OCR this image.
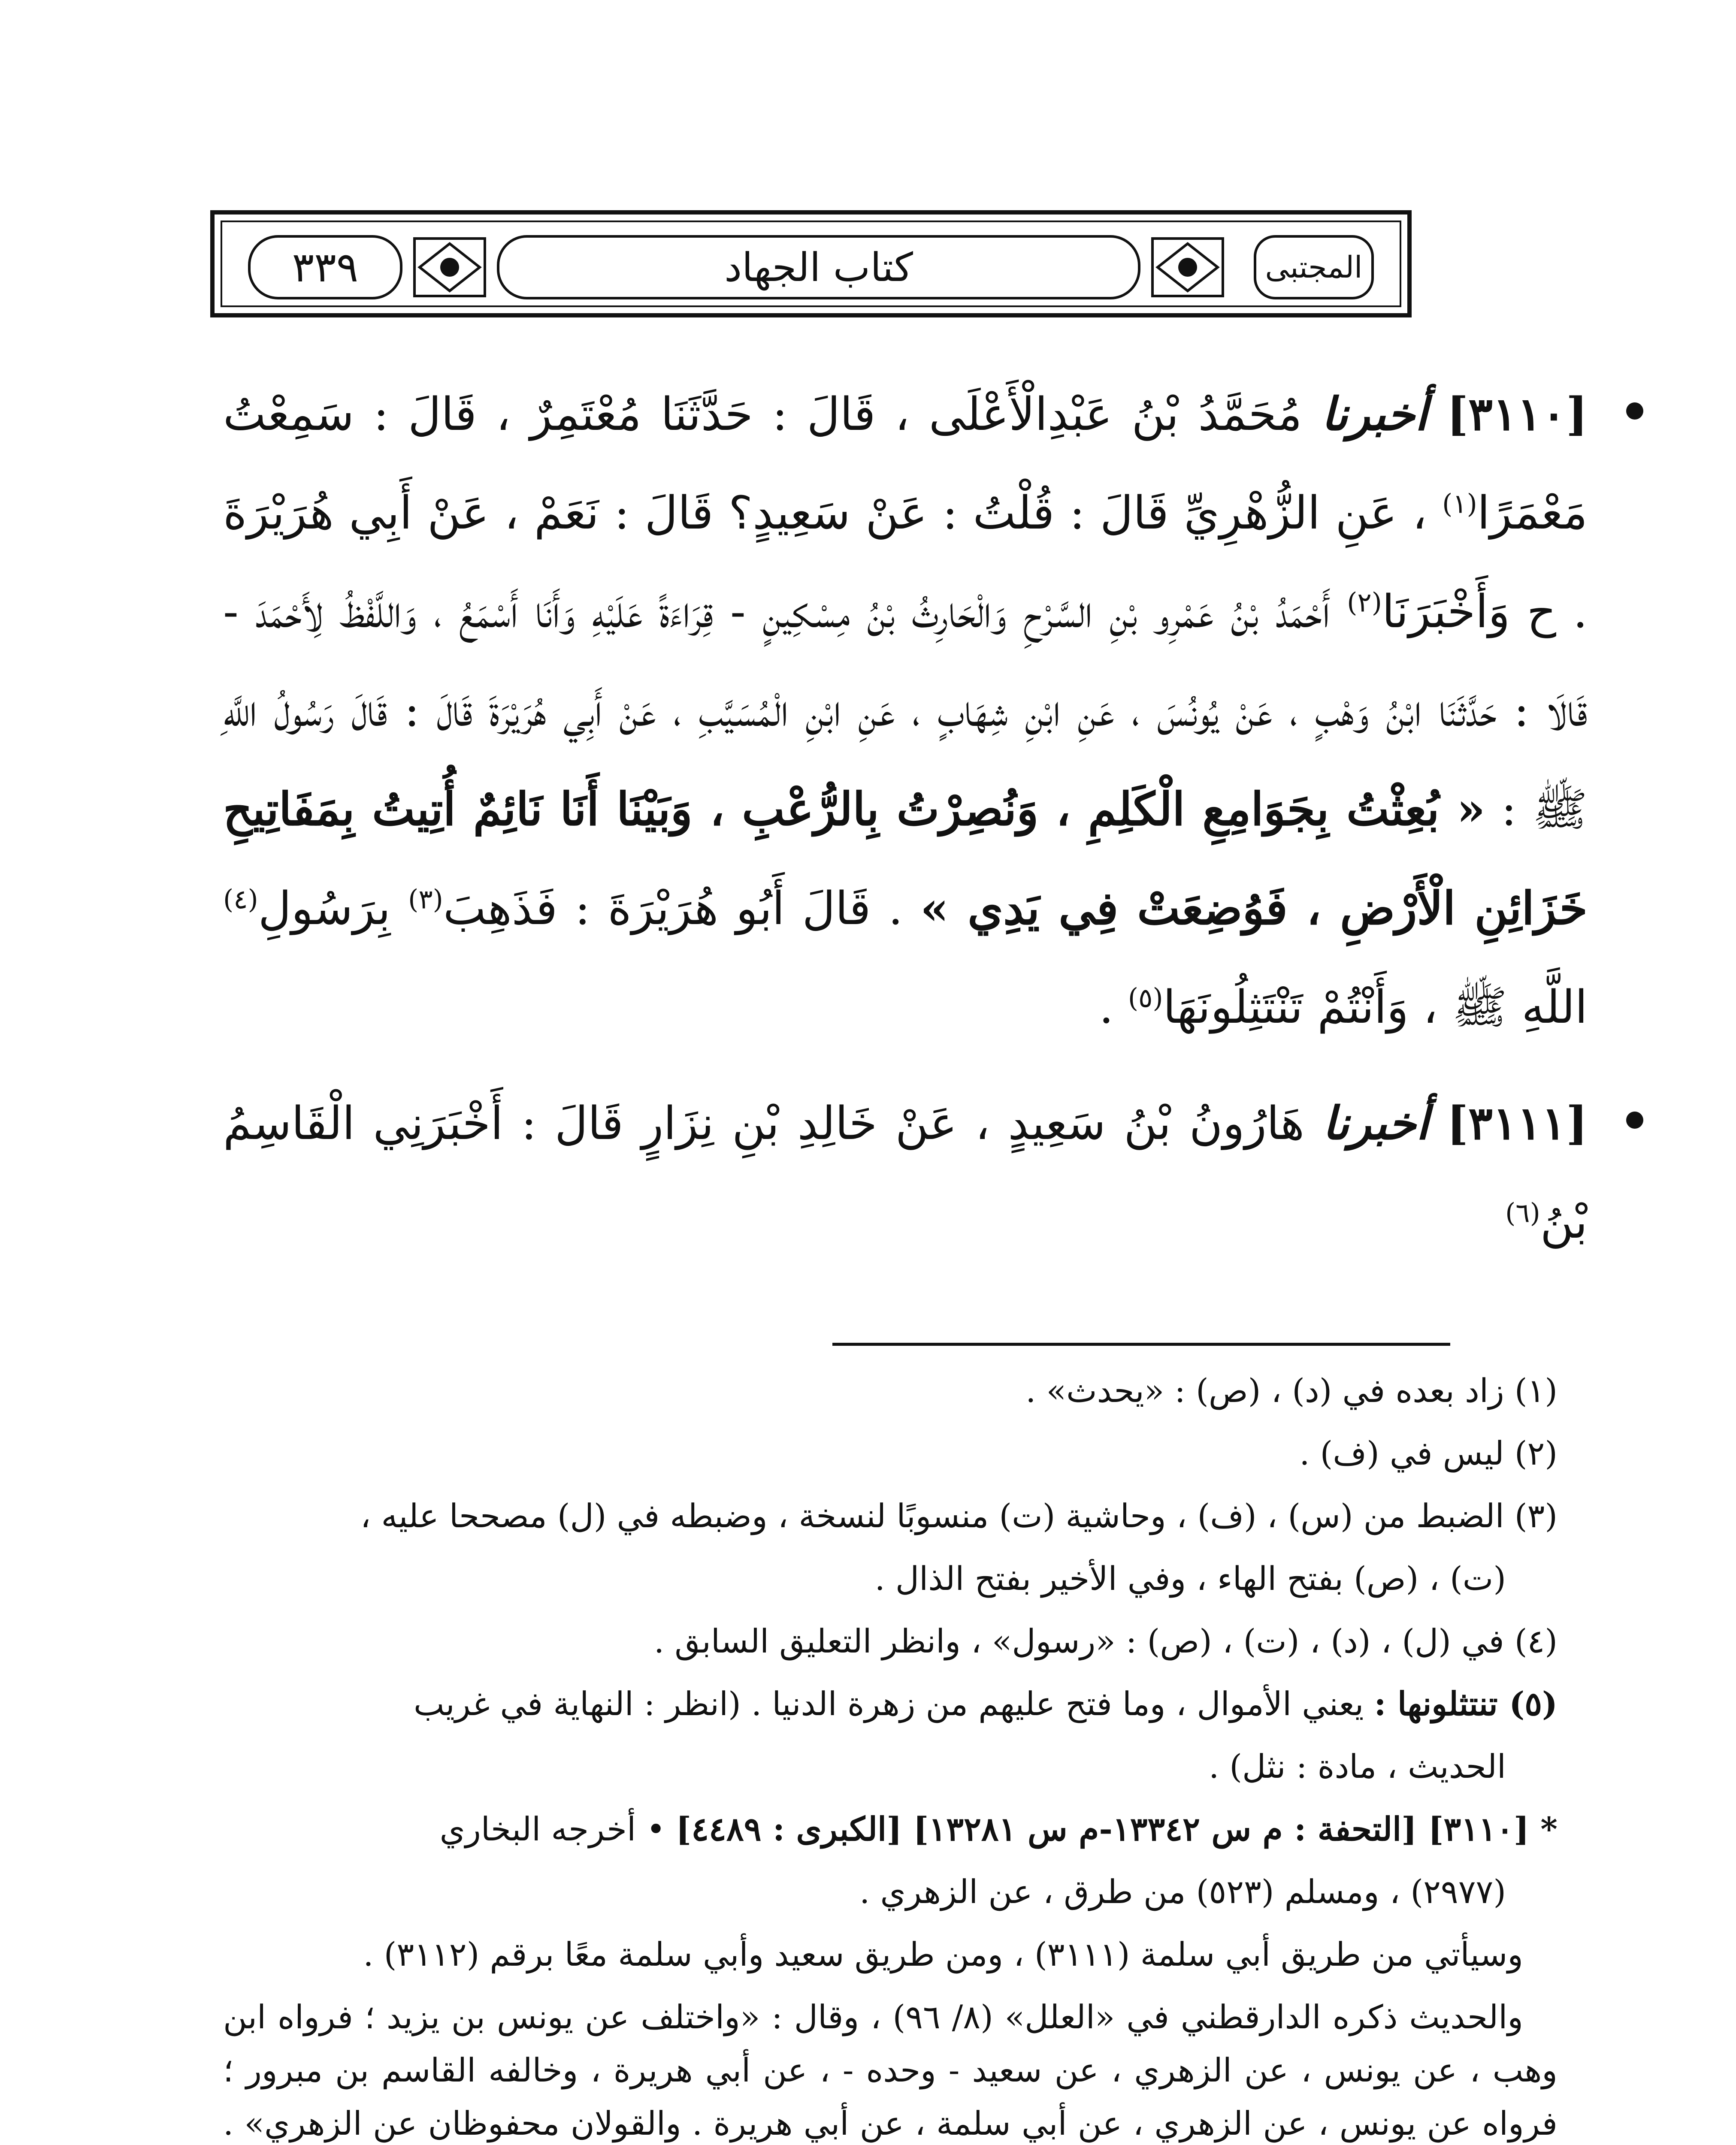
٣٣٩	كتاب الجهاد	المجتبى

[٣١١٠] أخبرنا مُحَمَّدُ بْنُ عَبْدِالْأَعْلَى ، قَالَ : حَدَّثَنَا مُعْتَمِرٌ ، قَالَ : سَمِعْتُ مَعْمَرًا$^{(١)}$ ، عَنِ الزُّهْرِيِّ قَالَ : قُلْتُ : عَنْ سَعِيدٍ؟ قَالَ : نَعَمْ ، عَنْ أَبِي هُرَيْرَةَ . ح وَأَخْبَرَنَا$^{(٢)}$ أَحْمَدُ بْنُ عَمْرِو بْنِ السَّرْحِ وَالْحَارِثُ بْنُ مِسْكِينٍ - قِرَاءَةً عَلَيْهِ وَأَنَا أَسْمَعُ ، وَاللَّفْظُ لِأَحْمَدَ - قَالَا : حَدَّثَنَا ابْنُ وَهْبٍ ، عَنْ يُونُسَ ، عَنِ ابْنِ شِهَابٍ ، عَنِ ابْنِ الْمُسَيَّبِ ، عَنْ أَبِي هُرَيْرَةَ قَالَ : قَالَ رَسُولُ اللَّهِ ﷺ : « بُعِثْتُ بِجَوَامِعِ الْكَلِمِ ، وَنُصِرْتُ بِالرُّعْبِ ، وَبَيْنَا أَنَا نَائِمٌ أُتِيتُ بِمَفَاتِيحِ خَزَائِنِ الْأَرْضِ ، فَوُضِعَتْ فِي يَدِي » . قَالَ أَبُو هُرَيْرَةَ : فَذَهِبَ$^{(٣)}$ بِرَسُولِ$^{(٤)}$ اللَّهِ ﷺ ، وَأَنْتُمْ تَنْتَثِلُونَهَا$^{(٥)}$ .

[٣١١١] أخبرنا هَارُونُ بْنُ سَعِيدٍ ، عَنْ خَالِدِ بْنِ نِزَارٍ قَالَ : أَخْبَرَنِي الْقَاسِمُ بْنُ$^{(٦)}$

(١) زاد بعده في (د) ، (ص) : «يحدث» .

(٢) ليس في (ف) .

(٣) الضبط من (س) ، (ف) ، وحاشية (ت) منسوبًا لنسخة ، وضبطه في (ل) مصححا عليه ،

(ت) ، (ص) بفتح الهاء ، وفي الأخير بفتح الذال .

(٤) في (ل) ، (د) ، (ت) ، (ص) : «رسول» ، وانظر التعليق السابق .

(٥) تنتثلونها : يعني الأموال ، وما فتح عليهم من زهرة الدنيا . (انظر : النهاية في غريب

الحديث ، مادة : نثل) .

* [٣١١٠] [التحفة : م س ١٣٣٤٢-م س ١٣٢٨١] [الكبرى : ٤٤٨٩] • أخرجه البخاري

(٢٩٧٧) ، ومسلم (٥٢٣) من طرق ، عن الزهري .

وسيأتي من طريق أبي سلمة (٣١١١) ، ومن طريق سعيد وأبي سلمة معًا برقم (٣١١٢) .

والحديث ذكره الدارقطني في «العلل» (٨/ ٩٦) ، وقال : «واختلف عن يونس بن يزيد ؛ فرواه ابن وهب ، عن يونس ، عن الزهري ، عن سعيد - وحده - ، عن أبي هريرة ، وخالفه القاسم بن مبرور ؛ فرواه عن يونس ، عن الزهري ، عن أبي سلمة ، عن أبي هريرة . والقولان محفوظان عن الزهري» .
